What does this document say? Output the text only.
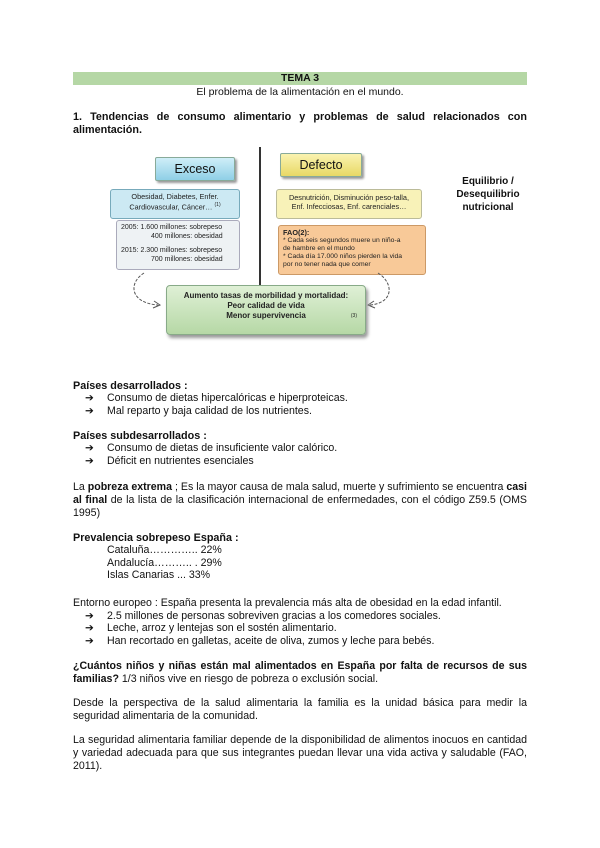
TEMA 3
El problema de la alimentación en el mundo.
1. Tendencias de consumo alimentario y problemas de salud relacionados con alimentación.
Exceso	Defecto
Obesidad, Diabetes, Enfer.
Cardiovascular, Cáncer… $^{(1)}$
2005: 1.600 millones: sobrepeso
400 millones: obesidad
2015: 2.300 millones: sobrepeso
700 millones: obesidad
Desnutrición, Disminución peso-talla,
Enf. Infecciosas, Enf. carenciales…
FAO(2):
* Cada seis segundos muere un niño-a
de hambre en el mundo
* Cada día 17.000 niños pierden la vida
por no tener nada que comer
Equilibrio /
Desequilibrio
nutricional
Aumento tasas de morbilidad y mortalidad:
Peor calidad de vida
Menor supervivencia	(3)
Países desarrollados :
➔ Consumo de dietas hipercalóricas e hiperproteicas.
➔ Mal reparto y baja calidad de los nutrientes.
Países subdesarrollados :
➔ Consumo de dietas de insuficiente valor calórico.
➔ Déficit en nutrientes esenciales
La pobreza extrema ; Es la mayor causa de mala salud, muerte y sufrimiento se encuentra casi al final de la lista de la clasificación internacional de enfermedades, con el código Z59.5 (OMS 1995)
Prevalencia sobrepeso España :
Cataluña………….. 22%
Andalucía……….. . 29%
Islas Canarias ... 33%
Entorno europeo : España presenta la prevalencia más alta de obesidad en la edad infantil.
➔ 2.5 millones de personas sobreviven gracias a los comedores sociales.
➔ Leche, arroz y lentejas son el sostén alimentario.
➔ Han recortado en galletas, aceite de oliva, zumos y leche para bebés.
¿Cuántos niños y niñas están mal alimentados en España por falta de recursos de sus familias? 1/3 niños vive en riesgo de pobreza o exclusión social.
Desde la perspectiva de la salud alimentaria la familia es la unidad básica para medir la seguridad alimentaria de la comunidad.
La seguridad alimentaria familiar depende de la disponibilidad de alimentos inocuos en cantidad y variedad adecuada para que sus integrantes puedan llevar una vida activa y saludable (FAO, 2011).
